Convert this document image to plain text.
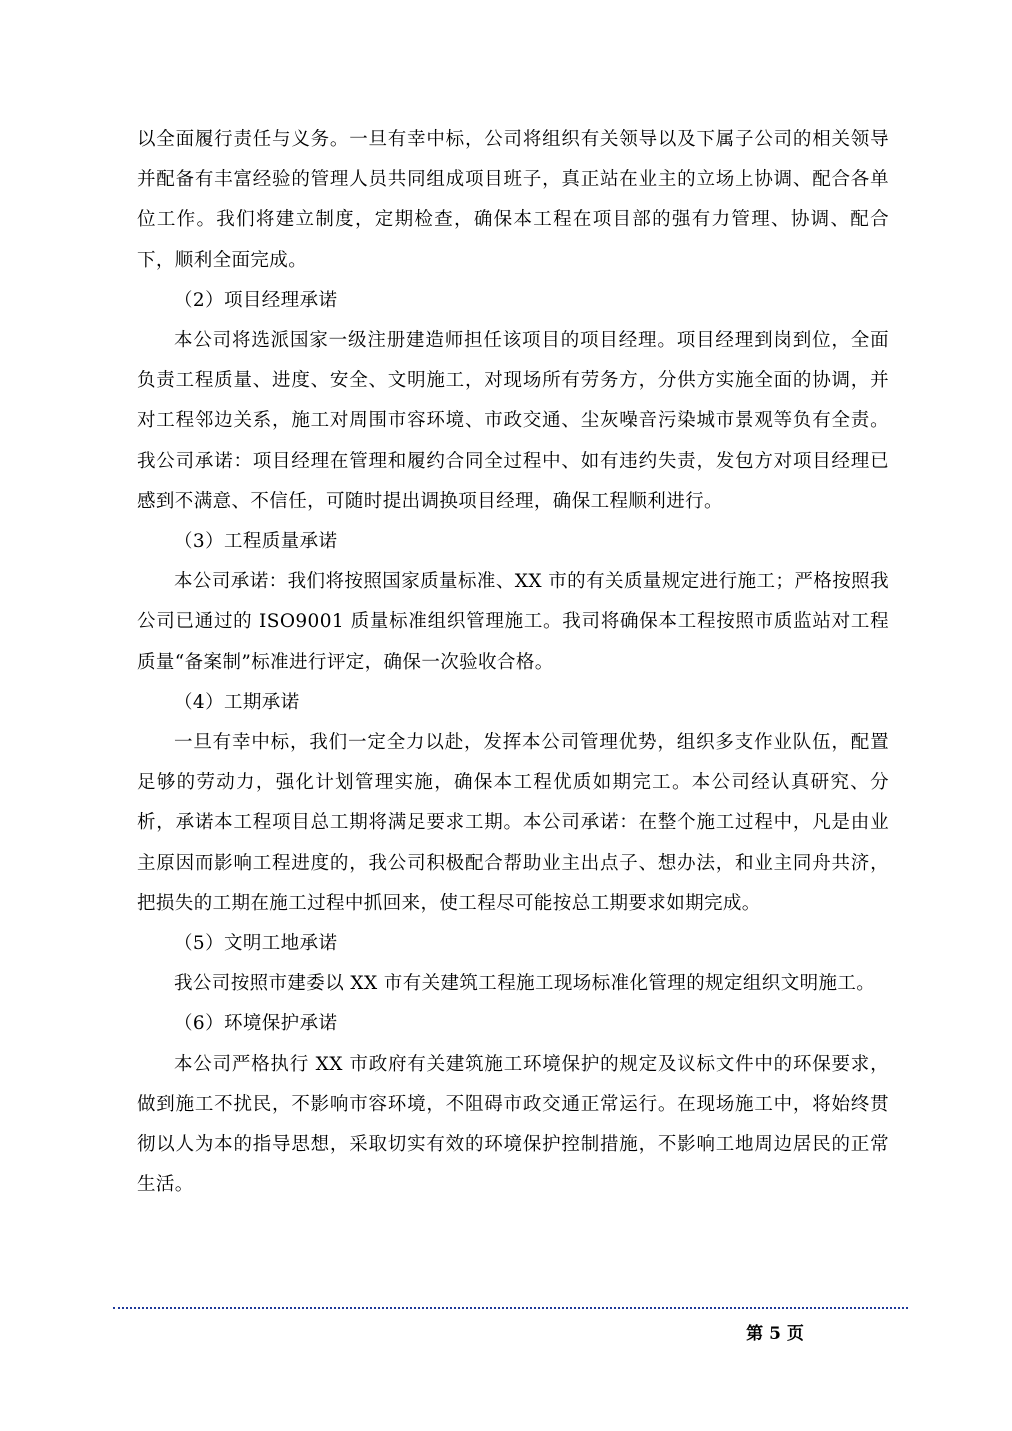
以全面履行责任与义务。一旦有幸中标，公司将组织有关领导以及下属子公司的相关领导并配备有丰富经验的管理人员共同组成项目班子，真正站在业主的立场上协调、配合各单位工作。我们将建立制度，定期检查，确保本工程在项目部的强有力管理、协调、配合下，顺利全面完成。

（2）项目经理承诺

本公司将选派国家一级注册建造师担任该项目的项目经理。项目经理到岗到位，全面负责工程质量、进度、安全、文明施工，对现场所有劳务方，分供方实施全面的协调，并对工程邻边关系，施工对周围市容环境、市政交通、尘灰噪音污染城市景观等负有全责。我公司承诺：项目经理在管理和履约合同全过程中、如有违约失责，发包方对项目经理已感到不满意、不信任，可随时提出调换项目经理，确保工程顺利进行。

（3）工程质量承诺

本公司承诺：我们将按照国家质量标准、XX 市的有关质量规定进行施工；严格按照我公司已通过的 ISO9001 质量标准组织管理施工。我司将确保本工程按照市质监站对工程质量“备案制”标准进行评定，确保一次验收合格。

（4）工期承诺

一旦有幸中标，我们一定全力以赴，发挥本公司管理优势，组织多支作业队伍，配置足够的劳动力，强化计划管理实施，确保本工程优质如期完工。本公司经认真研究、分析，承诺本工程项目总工期将满足要求工期。本公司承诺：在整个施工过程中，凡是由业主原因而影响工程进度的，我公司积极配合帮助业主出点子、想办法，和业主同舟共济，把损失的工期在施工过程中抓回来，使工程尽可能按总工期要求如期完成。

（5）文明工地承诺

我公司按照市建委以 XX 市有关建筑工程施工现场标准化管理的规定组织文明施工。

（6）环境保护承诺

本公司严格执行 XX 市政府有关建筑施工环境保护的规定及议标文件中的环保要求，做到施工不扰民，不影响市容环境，不阻碍市政交通正常运行。在现场施工中，将始终贯彻以人为本的指导思想，采取切实有效的环境保护控制措施，不影响工地周边居民的正常生活。

第 5 页
